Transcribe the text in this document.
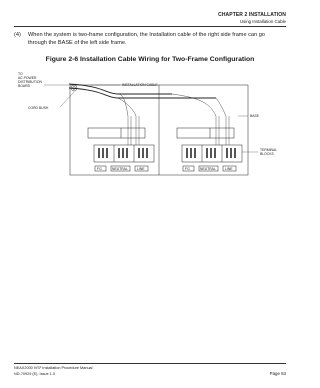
CHAPTER 2 INSTALLATION
Using Installation Cable
(4) When the system is two-frame configuration, the Installation cable of the right side frame can go through the BASE of the left side frame.
Figure 2-6 Installation Cable Wiring for Two-Frame Configuration
TO
AC POWER
DISTRIBUTION
BOARD	INSTALLATION CABLE
CORD BUSH
BASE
TERMINAL
BLOCKS
FG	NEUTRAL	LINE	FG	NEUTRAL	LINE
NEAX2000 IVS² Installation Procedure Manual
ND-70929 (E), Issue 1.0	Page 53
